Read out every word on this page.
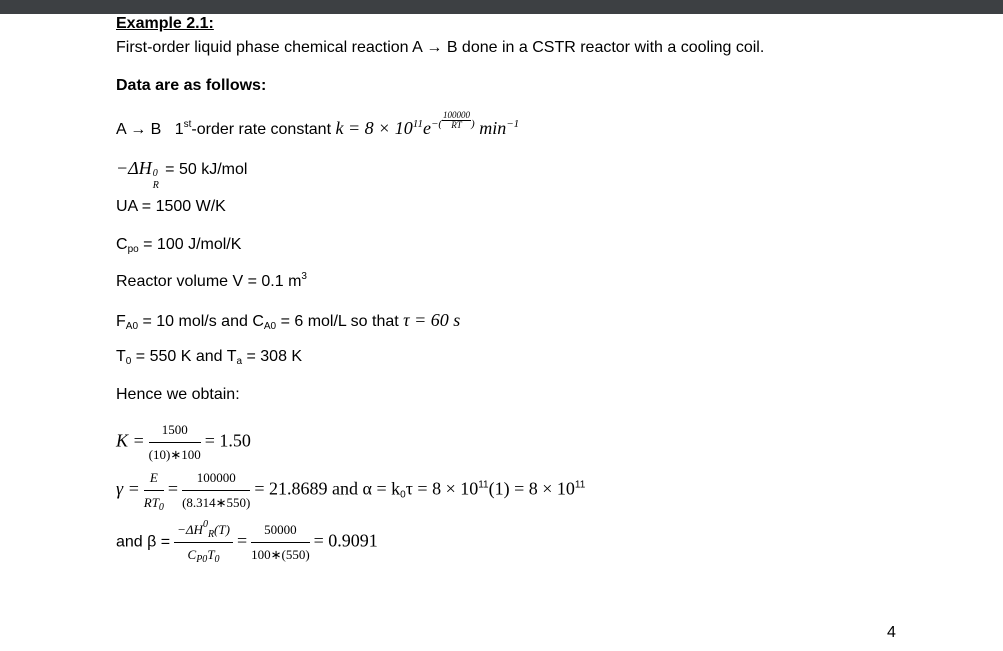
Example 2.1:
First-order liquid phase chemical reaction A → B done in a CSTR reactor with a cooling coil.
Data are as follows:
A → B 1st-order rate constant $k = 8 \times 10^{11}e^{-( \frac{100000}{RT})}$ $\min^{-1}$
−ΔH 0
R
= 50 kJ/mol
UA = 1500 W/K
$C_{po} = 100$ J/mol/K
Reactor volume V = 0.1 $m^3$
$F_{A0} = 10$ mol/s and $C_{A0} = 6$ mol/L so that τ = 60 s
$T_0 = 550$ K and $T_a = 308$ K
Hence we obtain:
$K = \frac{1500}{(10)∗100} = 1.50$
$\gamma = \frac{E}{RT_0} = \frac{100000}{(8.314∗550)} = 21.8689$ and $\alpha = k_0\tau = 8 \times 10^{11}(1) = 8 \times 10^{11}$
and $\beta = \frac{-\Delta H^0_R(T)}{C_{P0}T_0} = \frac{50000}{100∗(550)} = 0.9091$
4
